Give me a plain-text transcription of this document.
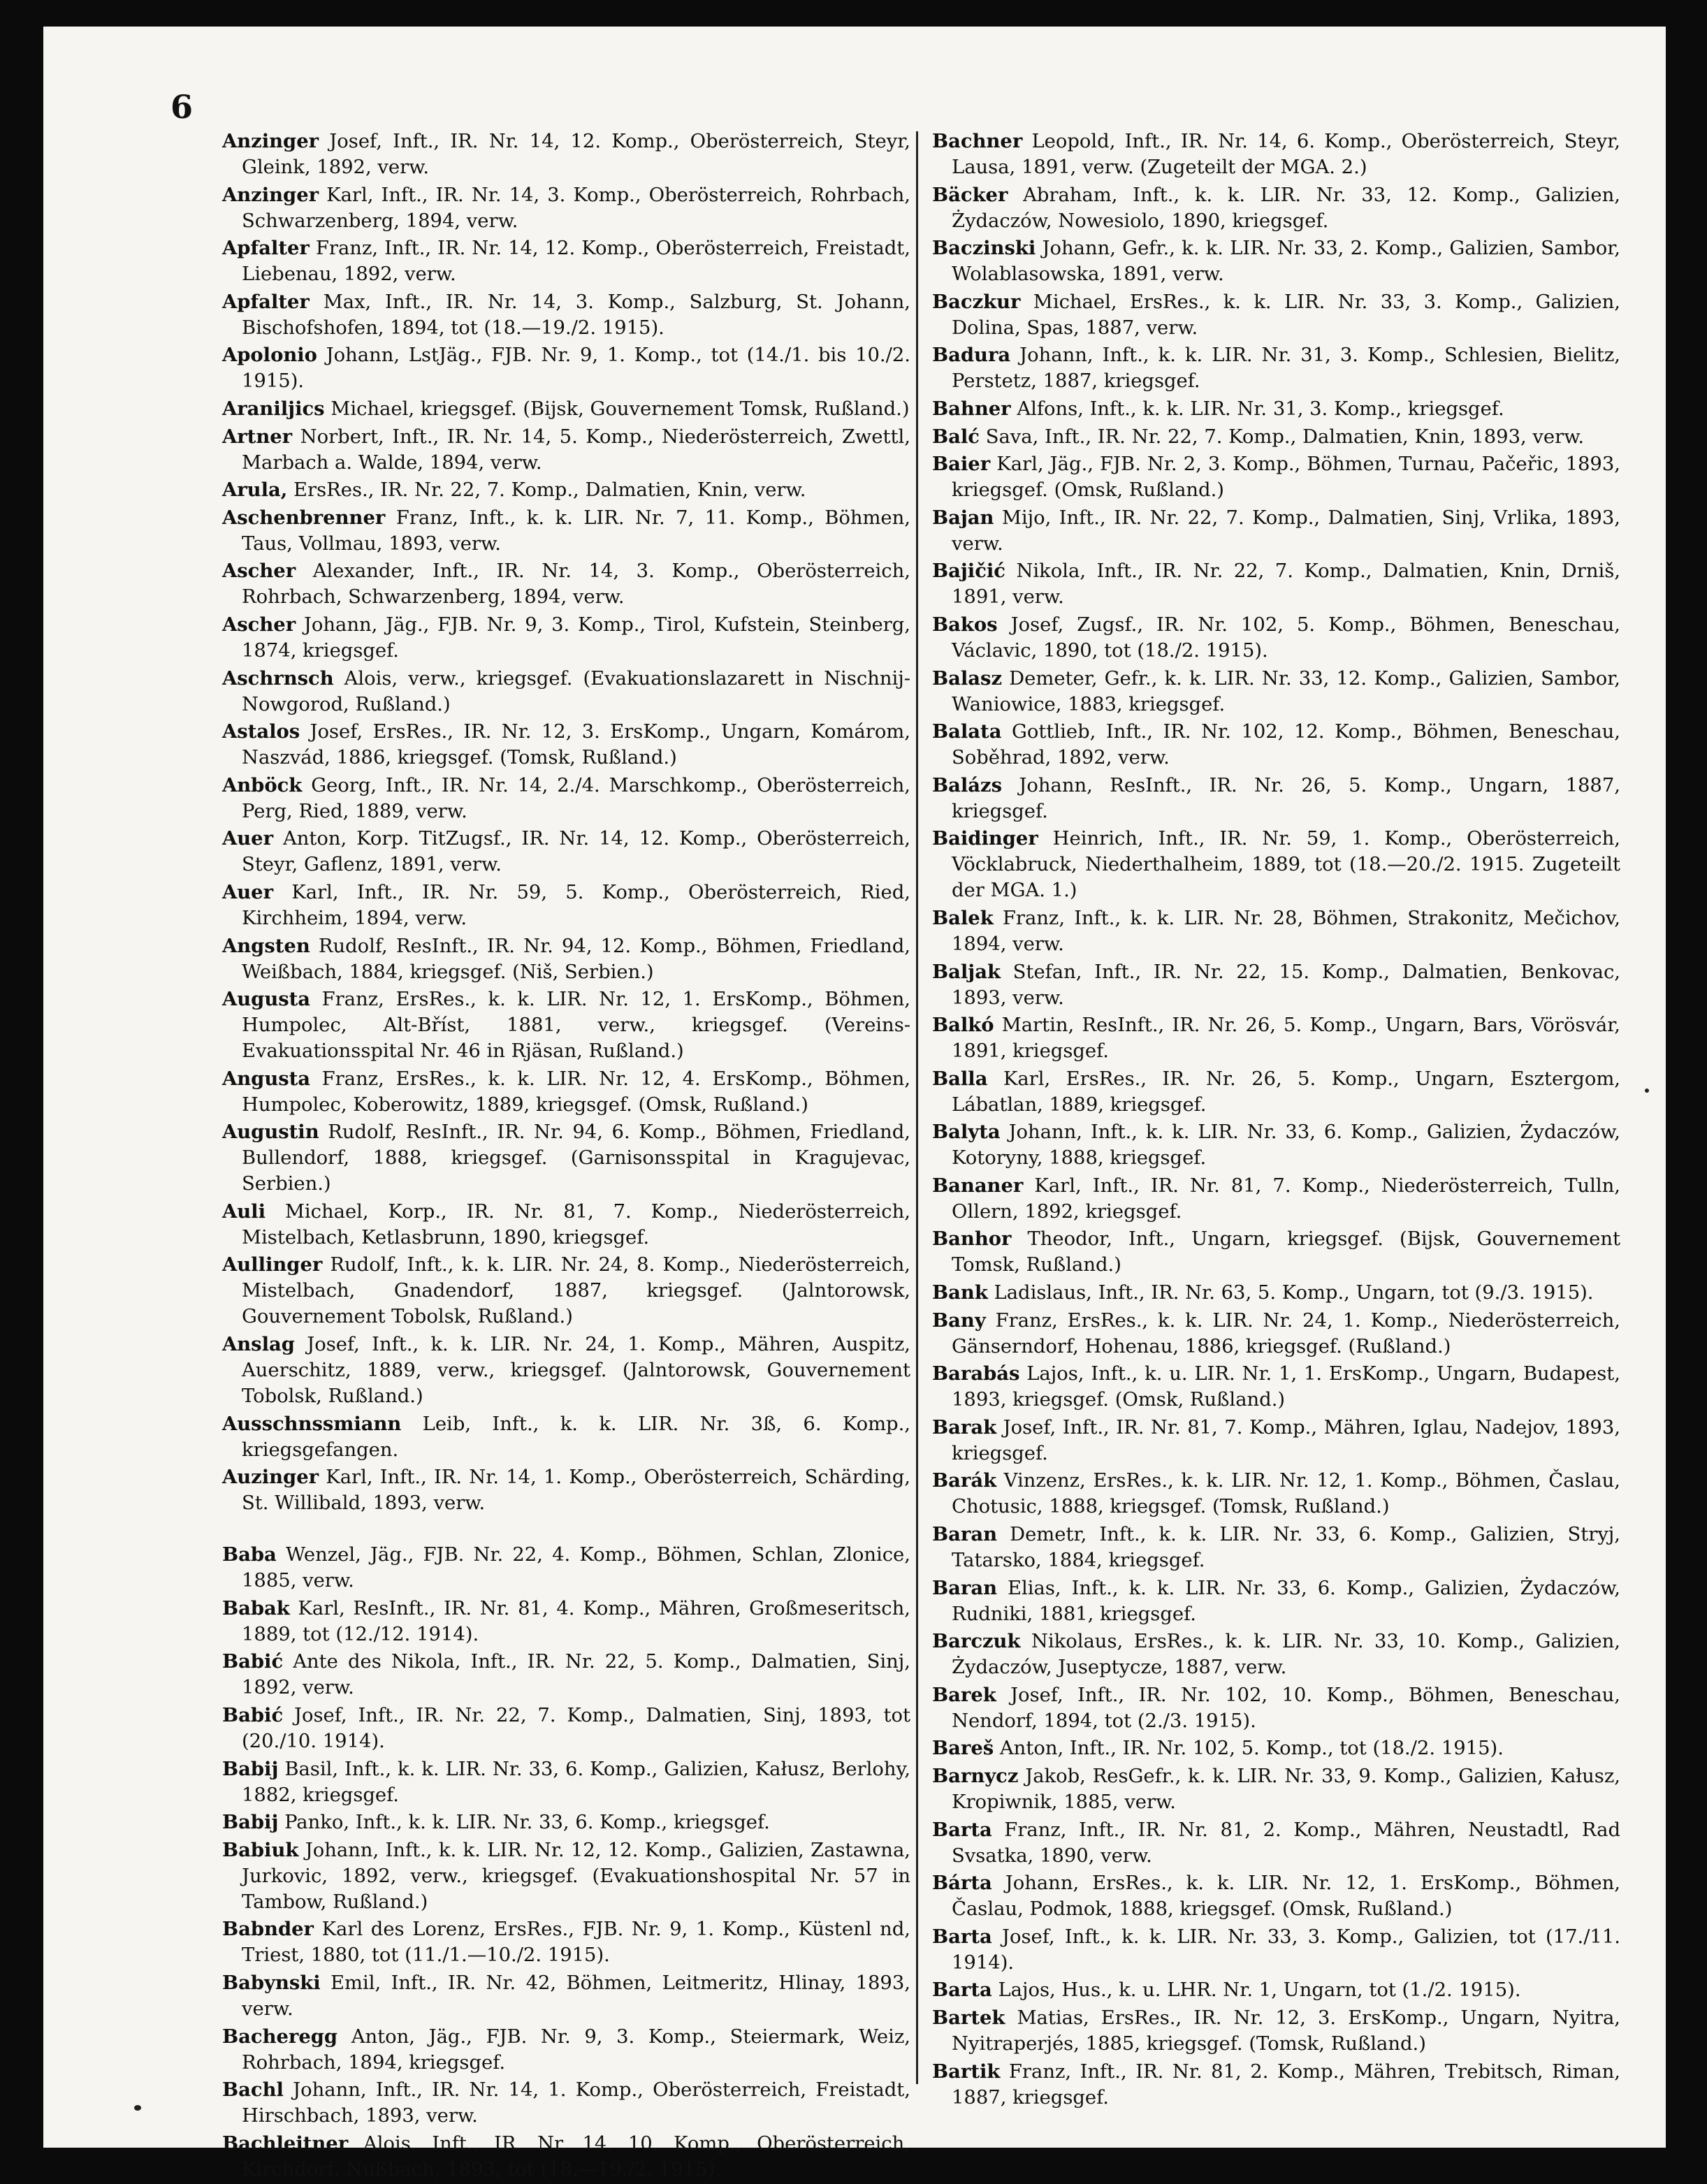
6
Anzinger Josef, Inft., IR. Nr. 14, 12. Komp., Oberösterreich, Steyr, Gleink, 1892, verw.
Anzinger Karl, Inft., IR. Nr. 14, 3. Komp., Oberösterreich, Rohrbach, Schwarzenberg, 1894, verw.
Apfalter Franz, Inft., IR. Nr. 14, 12. Komp., Oberösterreich, Freistadt, Liebenau, 1892, verw.
Apfalter Max, Inft., IR. Nr. 14, 3. Komp., Salzburg, St. Johann, Bischofshofen, 1894, tot (18.—19./2. 1915).
Apolonio Johann, LstJäg., FJB. Nr. 9, 1. Komp., tot (14./1. bis 10./2. 1915).
Araniljics Michael, kriegsgef. (Bijsk, Gouvernement Tomsk, Rußland.)
Artner Norbert, Inft., IR. Nr. 14, 5. Komp., Niederösterreich, Zwettl, Marbach a. Walde, 1894, verw.
Arula, ErsRes., IR. Nr. 22, 7. Komp., Dalmatien, Knin, verw.
Aschenbrenner Franz, Inft., k. k. LIR. Nr. 7, 11. Komp., Böhmen, Taus, Vollmau, 1893, verw.
Ascher Alexander, Inft., IR. Nr. 14, 3. Komp., Oberösterreich, Rohrbach, Schwarzenberg, 1894, verw.
Ascher Johann, Jäg., FJB. Nr. 9, 3. Komp., Tirol, Kufstein, Steinberg, 1874, kriegsgef.
Aschrnsch Alois, verw., kriegsgef. (Evakuationslazarett in Nischnij-Nowgorod, Rußland.)
Astalos Josef, ErsRes., IR. Nr. 12, 3. ErsKomp., Ungarn, Komárom, Naszvád, 1886, kriegsgef. (Tomsk, Rußland.)
Anböck Georg, Inft., IR. Nr. 14, 2./4. Marschkomp., Oberösterreich, Perg, Ried, 1889, verw.
Auer Anton, Korp. TitZugsf., IR. Nr. 14, 12. Komp., Oberösterreich, Steyr, Gaflenz, 1891, verw.
Auer Karl, Inft., IR. Nr. 59, 5. Komp., Oberösterreich, Ried, Kirchheim, 1894, verw.
Angsten Rudolf, ResInft., IR. Nr. 94, 12. Komp., Böhmen, Friedland, Weißbach, 1884, kriegsgef. (Niš, Serbien.)
Augusta Franz, ErsRes., k. k. LIR. Nr. 12, 1. ErsKomp., Böhmen, Humpolec, Alt-Bříst, 1881, verw., kriegsgef. (Vereins-Evakuationsspital Nr. 46 in Rjäsan, Rußland.)
Angusta Franz, ErsRes., k. k. LIR. Nr. 12, 4. ErsKomp., Böhmen, Humpolec, Koberowitz, 1889, kriegsgef. (Omsk, Rußland.)
Augustin Rudolf, ResInft., IR. Nr. 94, 6. Komp., Böhmen, Friedland, Bullendorf, 1888, kriegsgef. (Garnisonsspital in Kragujevac, Serbien.)
Auli Michael, Korp., IR. Nr. 81, 7. Komp., Niederösterreich, Mistelbach, Ketlasbrunn, 1890, kriegsgef.
Aullinger Rudolf, Inft., k. k. LIR. Nr. 24, 8. Komp., Niederösterreich, Mistelbach, Gnadendorf, 1887, kriegsgef. (Jalntorowsk, Gouvernement Tobolsk, Rußland.)
Anslag Josef, Inft., k. k. LIR. Nr. 24, 1. Komp., Mähren, Auspitz, Auerschitz, 1889, verw., kriegsgef. (Jalntorowsk, Gouvernement Tobolsk, Rußland.)
Ausschnssmiann Leib, Inft., k. k. LIR. Nr. 3ß, 6. Komp., kriegsgefangen.
Auzinger Karl, Inft., IR. Nr. 14, 1. Komp., Oberösterreich, Schärding, St. Willibald, 1893, verw.
Baba Wenzel, Jäg., FJB. Nr. 22, 4. Komp., Böhmen, Schlan, Zlonice, 1885, verw.
Babak Karl, ResInft., IR. Nr. 81, 4. Komp., Mähren, Großmeseritsch, 1889, tot (12./12. 1914).
Babić Ante des Nikola, Inft., IR. Nr. 22, 5. Komp., Dalmatien, Sinj, 1892, verw.
Babić Josef, Inft., IR. Nr. 22, 7. Komp., Dalmatien, Sinj, 1893, tot (20./10. 1914).
Babij Basil, Inft., k. k. LIR. Nr. 33, 6. Komp., Galizien, Kałusz, Berlohy, 1882, kriegsgef.
Babij Panko, Inft., k. k. LIR. Nr. 33, 6. Komp., kriegsgef.
Babiuk Johann, Inft., k. k. LIR. Nr. 12, 12. Komp., Galizien, Zastawna, Jurkovic, 1892, verw., kriegsgef. (Evakuationshospital Nr. 57 in Tambow, Rußland.)
Babnder Karl des Lorenz, ErsRes., FJB. Nr. 9, 1. Komp., Küstenl nd, Triest, 1880, tot (11./1.—10./2. 1915).
Babynski Emil, Inft., IR. Nr. 42, Böhmen, Leitmeritz, Hlinay, 1893, verw.
Bacheregg Anton, Jäg., FJB. Nr. 9, 3. Komp., Steiermark, Weiz, Rohrbach, 1894, kriegsgef.
Bachl Johann, Inft., IR. Nr. 14, 1. Komp., Oberösterreich, Freistadt, Hirschbach, 1893, verw.
Bachleitner Alois, Inft., IR. Nr. 14, 10. Komp., Oberösterreich, Kirchdorf, Nußbach, 1893, tot (18.—19./2. 1915).
Bachner Leopold, Inft., IR. Nr. 14, 6. Komp., Oberösterreich, Steyr, Lausa, 1891, verw. (Zugeteilt der MGA. 2.)
Bäcker Abraham, Inft., k. k. LIR. Nr. 33, 12. Komp., Galizien, Żydaczów, Nowesiolo, 1890, kriegsgef.
Baczinski Johann, Gefr., k. k. LIR. Nr. 33, 2. Komp., Galizien, Sambor, Wolablasowska, 1891, verw.
Baczkur Michael, ErsRes., k. k. LIR. Nr. 33, 3. Komp., Galizien, Dolina, Spas, 1887, verw.
Badura Johann, Inft., k. k. LIR. Nr. 31, 3. Komp., Schlesien, Bielitz, Perstetz, 1887, kriegsgef.
Bahner Alfons, Inft., k. k. LIR. Nr. 31, 3. Komp., kriegsgef.
Balć Sava, Inft., IR. Nr. 22, 7. Komp., Dalmatien, Knin, 1893, verw.
Baier Karl, Jäg., FJB. Nr. 2, 3. Komp., Böhmen, Turnau, Pačeřic, 1893, kriegsgef. (Omsk, Rußland.)
Bajan Mijo, Inft., IR. Nr. 22, 7. Komp., Dalmatien, Sinj, Vrlika, 1893, verw.
Bajičić Nikola, Inft., IR. Nr. 22, 7. Komp., Dalmatien, Knin, Drniš, 1891, verw.
Bakos Josef, Zugsf., IR. Nr. 102, 5. Komp., Böhmen, Beneschau, Václavic, 1890, tot (18./2. 1915).
Balasz Demeter, Gefr., k. k. LIR. Nr. 33, 12. Komp., Galizien, Sambor, Waniowice, 1883, kriegsgef.
Balata Gottlieb, Inft., IR. Nr. 102, 12. Komp., Böhmen, Beneschau, Soběhrad, 1892, verw.
Balázs Johann, ResInft., IR. Nr. 26, 5. Komp., Ungarn, 1887, kriegsgef.
Baidinger Heinrich, Inft., IR. Nr. 59, 1. Komp., Oberösterreich, Vöcklabruck, Niederthalheim, 1889, tot (18.—20./2. 1915. Zugeteilt der MGA. 1.)
Balek Franz, Inft., k. k. LIR. Nr. 28, Böhmen, Strakonitz, Mečichov, 1894, verw.
Baljak Stefan, Inft., IR. Nr. 22, 15. Komp., Dalmatien, Benkovac, 1893, verw.
Balkó Martin, ResInft., IR. Nr. 26, 5. Komp., Ungarn, Bars, Vörösvár, 1891, kriegsgef.
Balla Karl, ErsRes., IR. Nr. 26, 5. Komp., Ungarn, Esztergom, Lábatlan, 1889, kriegsgef.
Balyta Johann, Inft., k. k. LIR. Nr. 33, 6. Komp., Galizien, Żydaczów, Kotoryny, 1888, kriegsgef.
Bananer Karl, Inft., IR. Nr. 81, 7. Komp., Niederösterreich, Tulln, Ollern, 1892, kriegsgef.
Banhor Theodor, Inft., Ungarn, kriegsgef. (Bijsk, Gouvernement Tomsk, Rußland.)
Bank Ladislaus, Inft., IR. Nr. 63, 5. Komp., Ungarn, tot (9./3. 1915).
Bany Franz, ErsRes., k. k. LIR. Nr. 24, 1. Komp., Niederösterreich, Gänserndorf, Hohenau, 1886, kriegsgef. (Rußland.)
Barabás Lajos, Inft., k. u. LIR. Nr. 1, 1. ErsKomp., Ungarn, Budapest, 1893, kriegsgef. (Omsk, Rußland.)
Barak Josef, Inft., IR. Nr. 81, 7. Komp., Mähren, Iglau, Nadejov, 1893, kriegsgef.
Barák Vinzenz, ErsRes., k. k. LIR. Nr. 12, 1. Komp., Böhmen, Časlau, Chotusic, 1888, kriegsgef. (Tomsk, Rußland.)
Baran Demetr, Inft., k. k. LIR. Nr. 33, 6. Komp., Galizien, Stryj, Tatarsko, 1884, kriegsgef.
Baran Elias, Inft., k. k. LIR. Nr. 33, 6. Komp., Galizien, Żydaczów, Rudniki, 1881, kriegsgef.
Barczuk Nikolaus, ErsRes., k. k. LIR. Nr. 33, 10. Komp., Galizien, Żydaczów, Juseptycze, 1887, verw.
Barek Josef, Inft., IR. Nr. 102, 10. Komp., Böhmen, Beneschau, Nendorf, 1894, tot (2./3. 1915).
Bareš Anton, Inft., IR. Nr. 102, 5. Komp., tot (18./2. 1915).
Barnycz Jakob, ResGefr., k. k. LIR. Nr. 33, 9. Komp., Galizien, Kałusz, Kropiwnik, 1885, verw.
Barta Franz, Inft., IR. Nr. 81, 2. Komp., Mähren, Neustadtl, Rad Svsatka, 1890, verw.
Bárta Johann, ErsRes., k. k. LIR. Nr. 12, 1. ErsKomp., Böhmen, Časlau, Podmok, 1888, kriegsgef. (Omsk, Rußland.)
Barta Josef, Inft., k. k. LIR. Nr. 33, 3. Komp., Galizien, tot (17./11. 1914).
Barta Lajos, Hus., k. u. LHR. Nr. 1, Ungarn, tot (1./2. 1915).
Bartek Matias, ErsRes., IR. Nr. 12, 3. ErsKomp., Ungarn, Nyitra, Nyitraperjés, 1885, kriegsgef. (Tomsk, Rußland.)
Bartik Franz, Inft., IR. Nr. 81, 2. Komp., Mähren, Trebitsch, Riman, 1887, kriegsgef.
